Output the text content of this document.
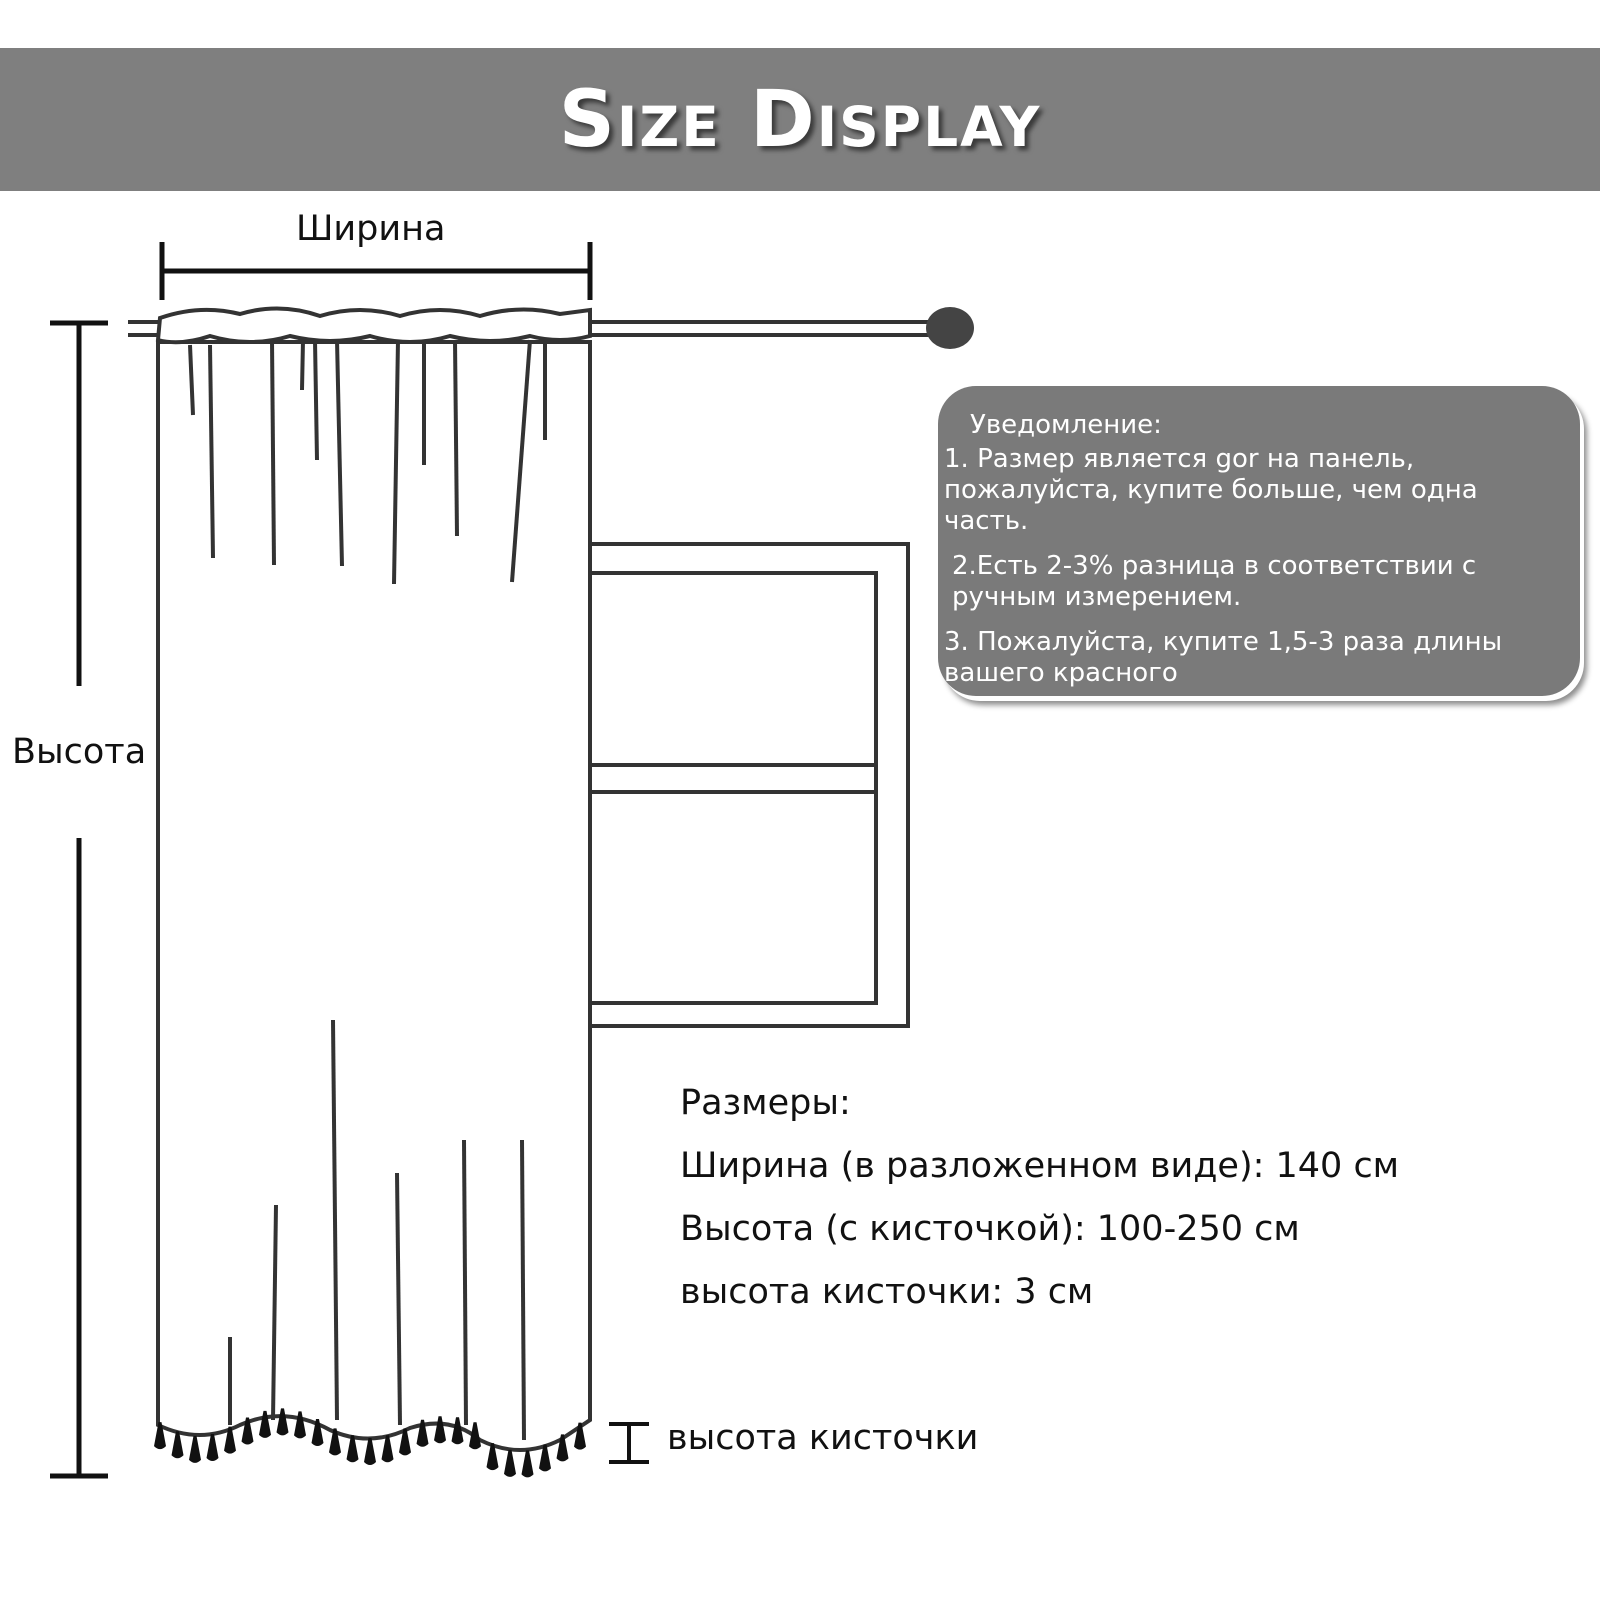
Size Display
Ширина
Высота
высота кисточки
Уведомление:
1. Размер является gor на панель, пожалуйста, купите больше, чем одна часть.
2.Есть 2-3% разница в соответствии с ручным измерением.
3. Пожалуйста, купите 1,5-3 раза длины вашего красного
Размеры:
Ширина (в разложенном виде): 140 см
Высота (с кисточкой): 100-250 см
высота кисточки: 3 см
